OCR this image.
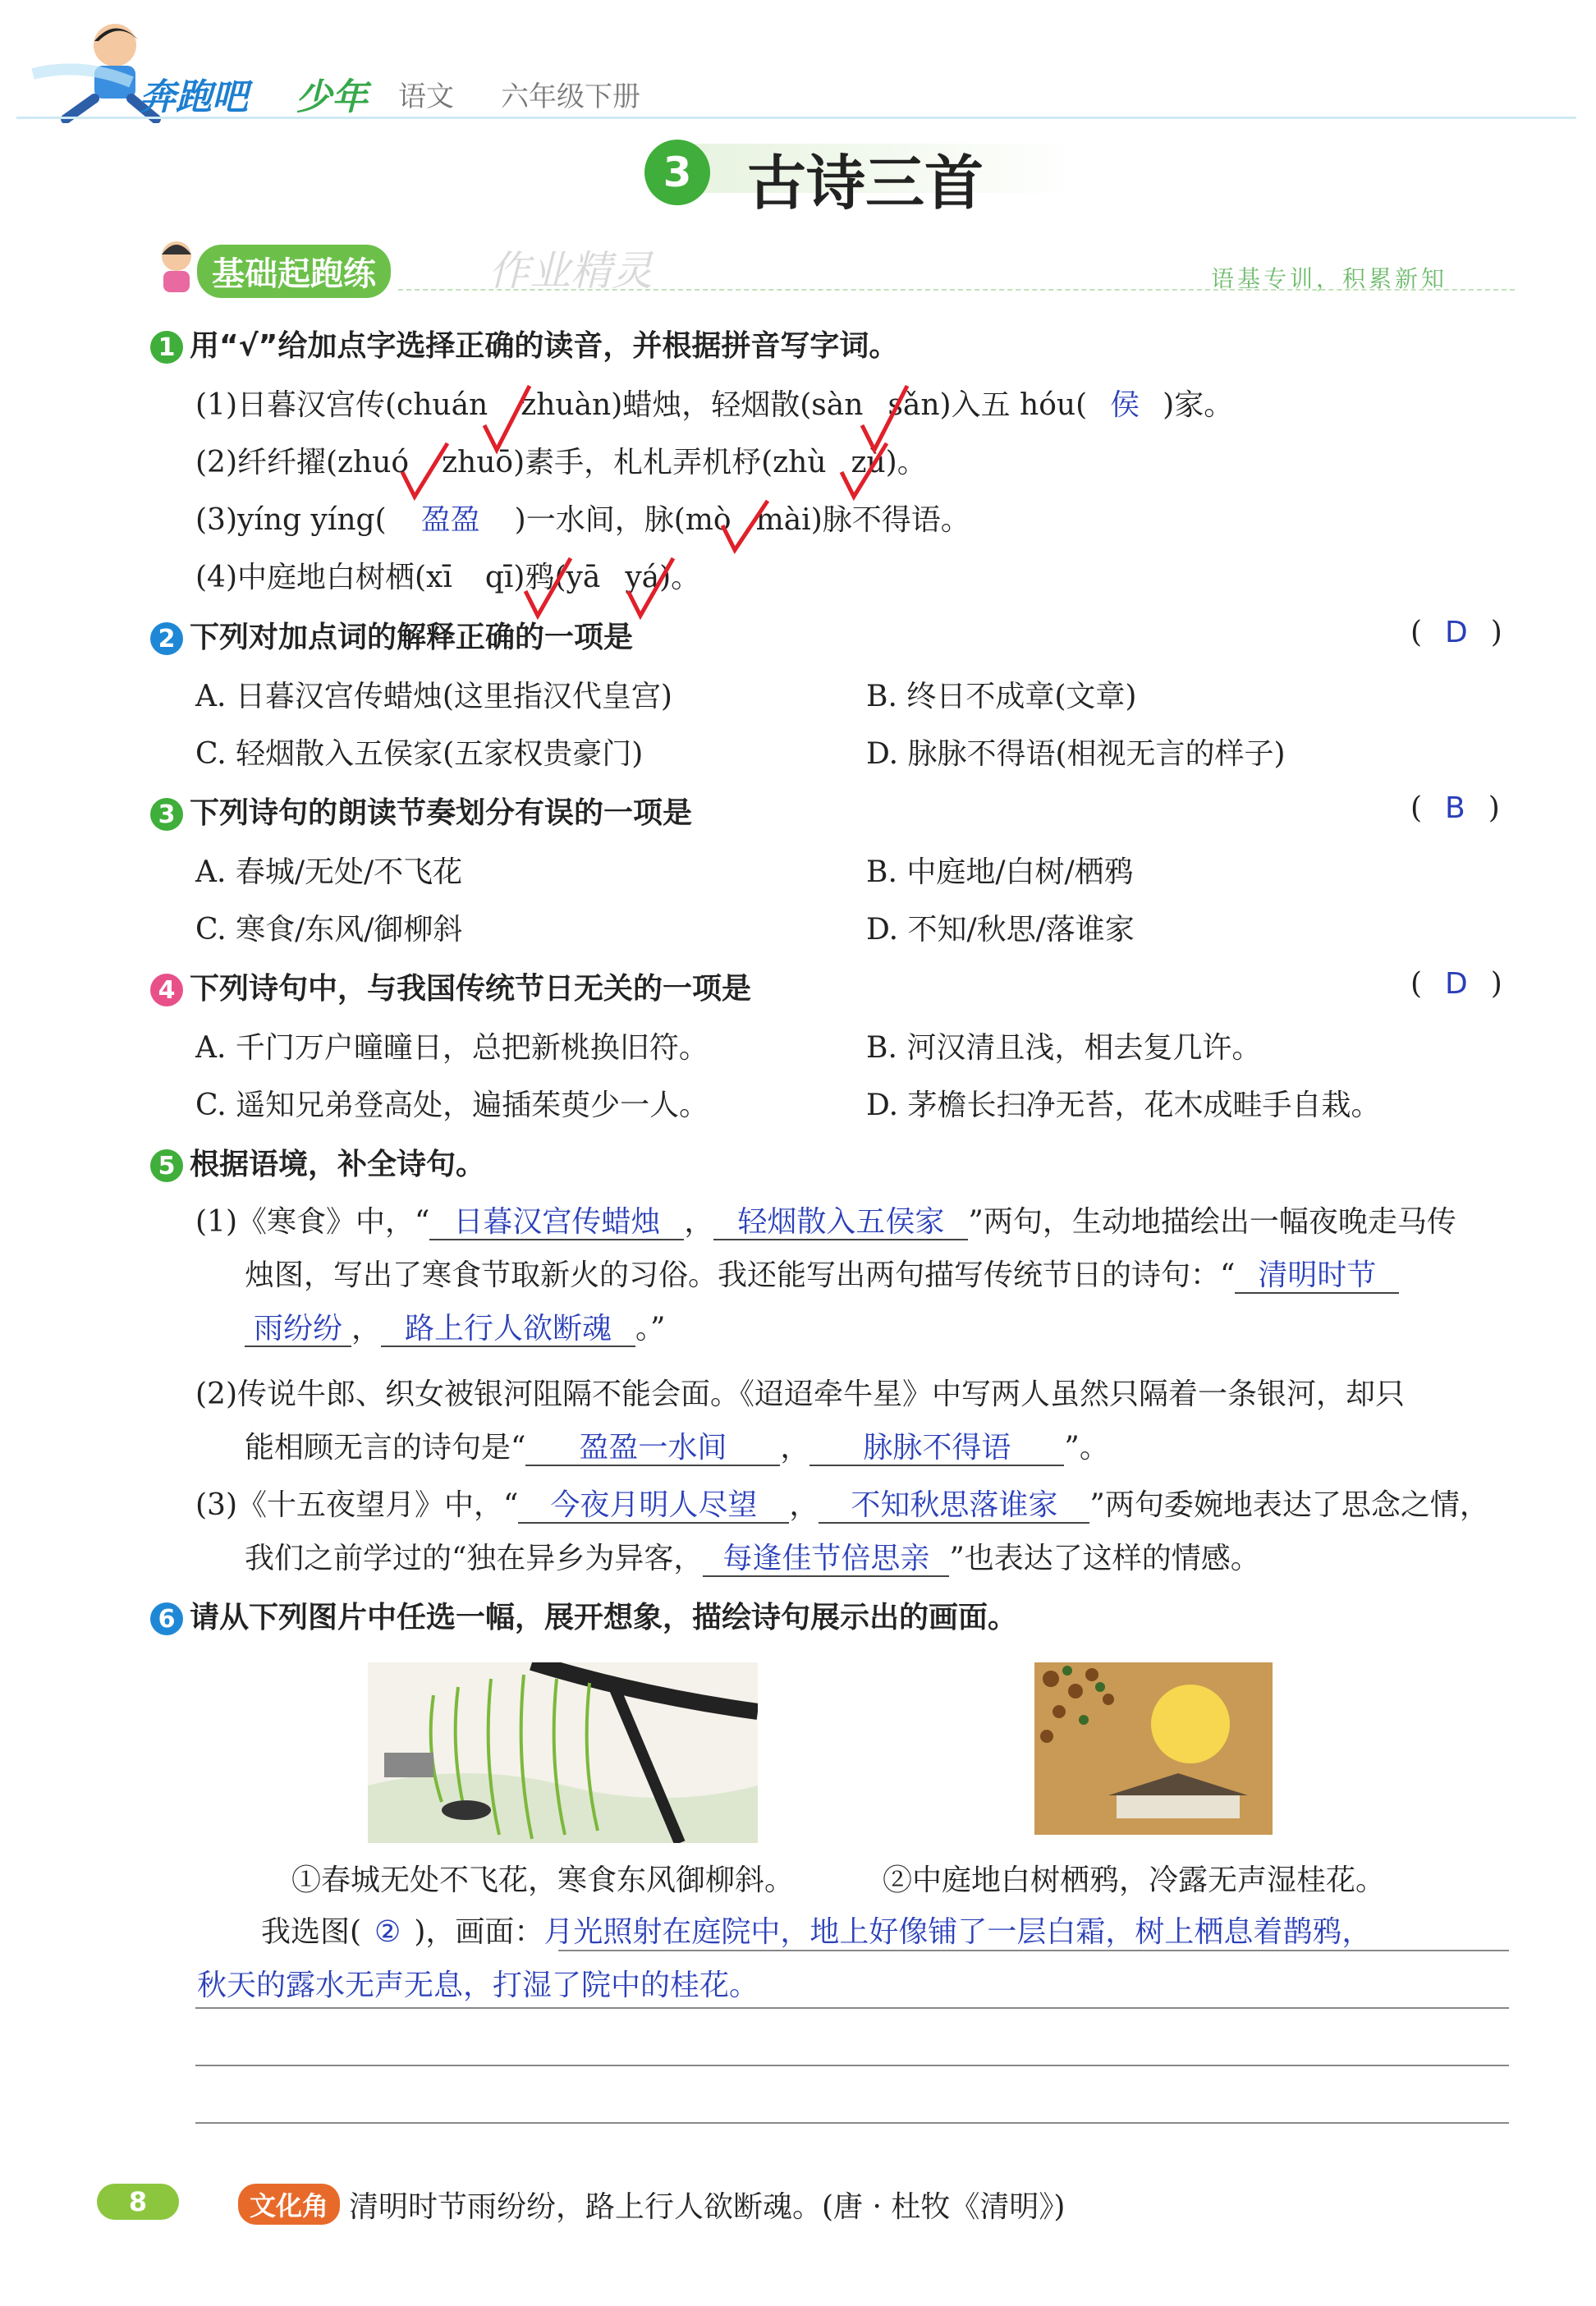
奔跑吧 少年 语文 六年级下册
3 古诗三首
基础起跑练	作业精灵	语基专训，积累新知
1 用“√”给加点字选择正确的读音，并根据拼音写字词。
(1)日暮汉宫传(chuán zhuàn)蜡烛，轻烟散(sàn sǎn)入五 hóu( 侯 )家。
(2)纤纤擢(zhuó zhuō)素手，札札弄机杼(zhù zù)。
(3)yíng yíng( 盈盈 )一水间，脉(mò mài)脉不得语。
(4)中庭地白树栖(xī qī)鸦(yā yá)。
2 下列对加点词的解释正确的一项是	( D )
A. 日暮汉宫传蜡烛(这里指汉代皇宫)	B. 终日不成章(文章)
C. 轻烟散入五侯家(五家权贵豪门)	D. 脉脉不得语(相视无言的样子)
3 下列诗句的朗读节奏划分有误的一项是	( B )
A. 春城/无处/不飞花	B. 中庭地/白树/栖鸦
C. 寒食/东风/御柳斜	D. 不知/秋思/落谁家
4 下列诗句中，与我国传统节日无关的一项是	( D )
A. 千门万户曈曈日，总把新桃换旧符。	B. 河汉清且浅，相去复几许。
C. 遥知兄弟登高处，遍插茱萸少一人。	D. 茅檐长扫净无苔，花木成畦手自栽。
5 根据语境，补全诗句。
(1)《寒食》中，“ 日暮汉宫传蜡烛 ， 轻烟散入五侯家 ”两句，生动地描绘出一幅夜晚走马传
烛图，写出了寒食节取新火的习俗。我还能写出两句描写传统节日的诗句：“ 清明时节
雨纷纷 ， 路上行人欲断魂 。”
(2)传说牛郎、织女被银河阻隔不能会面。《迢迢牵牛星》中写两人虽然只隔着一条银河，却只
能相顾无言的诗句是“ 盈盈一水间 ， 脉脉不得语 ”。
(3)《十五夜望月》中，“ 今夜月明人尽望 ， 不知秋思落谁家 ”两句委婉地表达了思念之情，
我们之前学过的“独在异乡为异客， 每逢佳节倍思亲 ”也表达了这样的情感。
6 请从下列图片中任选一幅，展开想象，描绘诗句展示出的画面。
①春城无处不飞花，寒食东风御柳斜。	②中庭地白树栖鸦，冷露无声湿桂花。
我选图( ② )，画面：月光照射在庭院中，地上好像铺了一层白霜，树上栖息着鹊鸦，
秋天的露水无声无息，打湿了院中的桂花。
8	文化角 清明时节雨纷纷，路上行人欲断魂。(唐 · 杜牧《清明》)
